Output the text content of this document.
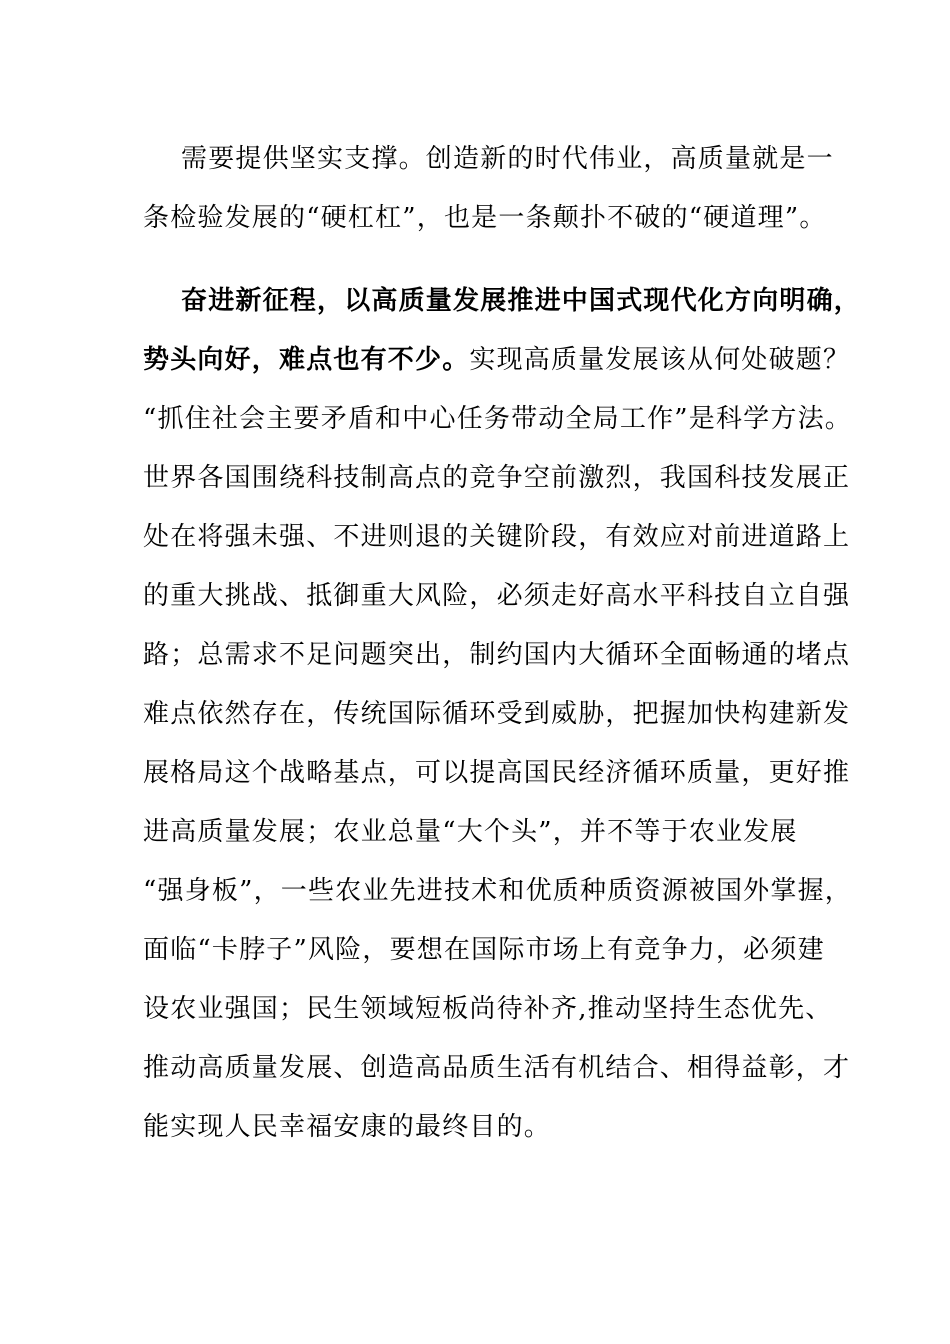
需要提供坚实支撑。创造新的时代伟业，高质量就是一
条检验发展的“硬杠杠”，也是一条颠扑不破的“硬道理”。
奋进新征程，以高质量发展推进中国式现代化方向明确，
势头向好，难点也有不少。实现高质量发展该从何处破题？
“抓住社会主要矛盾和中心任务带动全局工作”是科学方法。
世界各国围绕科技制高点的竞争空前激烈，我国科技发展正
处在将强未强、不进则退的关键阶段，有效应对前进道路上
的重大挑战、抵御重大风险，必须走好高水平科技自立自强
路；总需求不足问题突出，制约国内大循环全面畅通的堵点
难点依然存在，传统国际循环受到威胁，把握加快构建新发
展格局这个战略基点，可以提高国民经济循环质量，更好推
进高质量发展；农业总量“大个头”，并不等于农业发展
“强身板”，一些农业先进技术和优质种质资源被国外掌握，
面临“卡脖子”风险，要想在国际市场上有竞争力，必须建
设农业强国；民生领域短板尚待补齐,推动坚持生态优先、
推动高质量发展、创造高品质生活有机结合、相得益彰，才
能实现人民幸福安康的最终目的。
